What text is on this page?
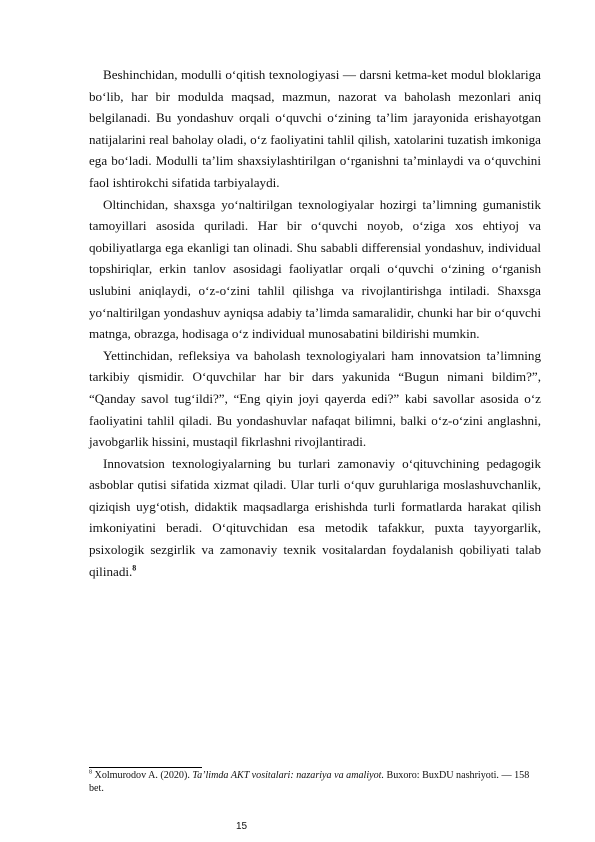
Beshinchidan, modulli o‘qitish texnologiyasi — darsni ketma-ket modul bloklariga bo‘lib, har bir modulda maqsad, mazmun, nazorat va baholash mezonlari aniq belgilanadi. Bu yondashuv orqali o‘quvchi o‘zining ta’lim jarayonida erishayotgan natijalarini real baholay oladi, o‘z faoliyatini tahlil qilish, xatolarini tuzatish imkoniga ega bo‘ladi. Modulli ta’lim shaxsiylashtirilgan o‘rganishni ta’minlaydi va o‘quvchini faol ishtirokchi sifatida tarbiyalaydi.

Oltinchidan, shaxsga yo‘naltirilgan texnologiyalar hozirgi ta’limning gumanistik tamoyillari asosida quriladi. Har bir o‘quvchi noyob, o‘ziga xos ehtiyoj va qobiliyatlarga ega ekanligi tan olinadi. Shu sababli differensial yondashuv, individual topshiriqlar, erkin tanlov asosidagi faoliyatlar orqali o‘quvchi o‘zining o‘rganish uslubini aniqlaydi, o‘z-o‘zini tahlil qilishga va rivojlantirishga intiladi. Shaxsga yo‘naltirilgan yondashuv ayniqsa adabiy ta’limda samaralidir, chunki har bir o‘quvchi matnga, obrazga, hodisaga o‘z individual munosabatini bildirishi mumkin.

Yettinchidan, refleksiya va baholash texnologiyalari ham innovatsion ta’limning tarkibiy qismidir. O‘quvchilar har bir dars yakunida “Bugun nimani bildim?”, “Qanday savol tug‘ildi?”, “Eng qiyin joyi qayerda edi?” kabi savollar asosida o‘z faoliyatini tahlil qiladi. Bu yondashuvlar nafaqat bilimni, balki o‘z-o‘zini anglashni, javobgarlik hissini, mustaqil fikrlashni rivojlantiradi.

Innovatsion texnologiyalarning bu turlari zamonaviy o‘qituvchining pedagogik asboblar qutisi sifatida xizmat qiladi. Ular turli o‘quv guruhlariga moslashuvchanlik, qiziqish uyg‘otish, didaktik maqsadlarga erishishda turli formatlarda harakat qilish imkoniyatini beradi. O‘qituvchidan esa metodik tafakkur, puxta tayyorgarlik, psixologik sezgirlik va zamonaviy texnik vositalardan foydalanish qobiliyati talab qilinadi.$^8$

$^8$ Xolmurodov A. (2020). Ta’limda AKT vositalari: nazariya va amaliyot. Buxoro: BuxDU nashriyoti. — 158 bet.
15
